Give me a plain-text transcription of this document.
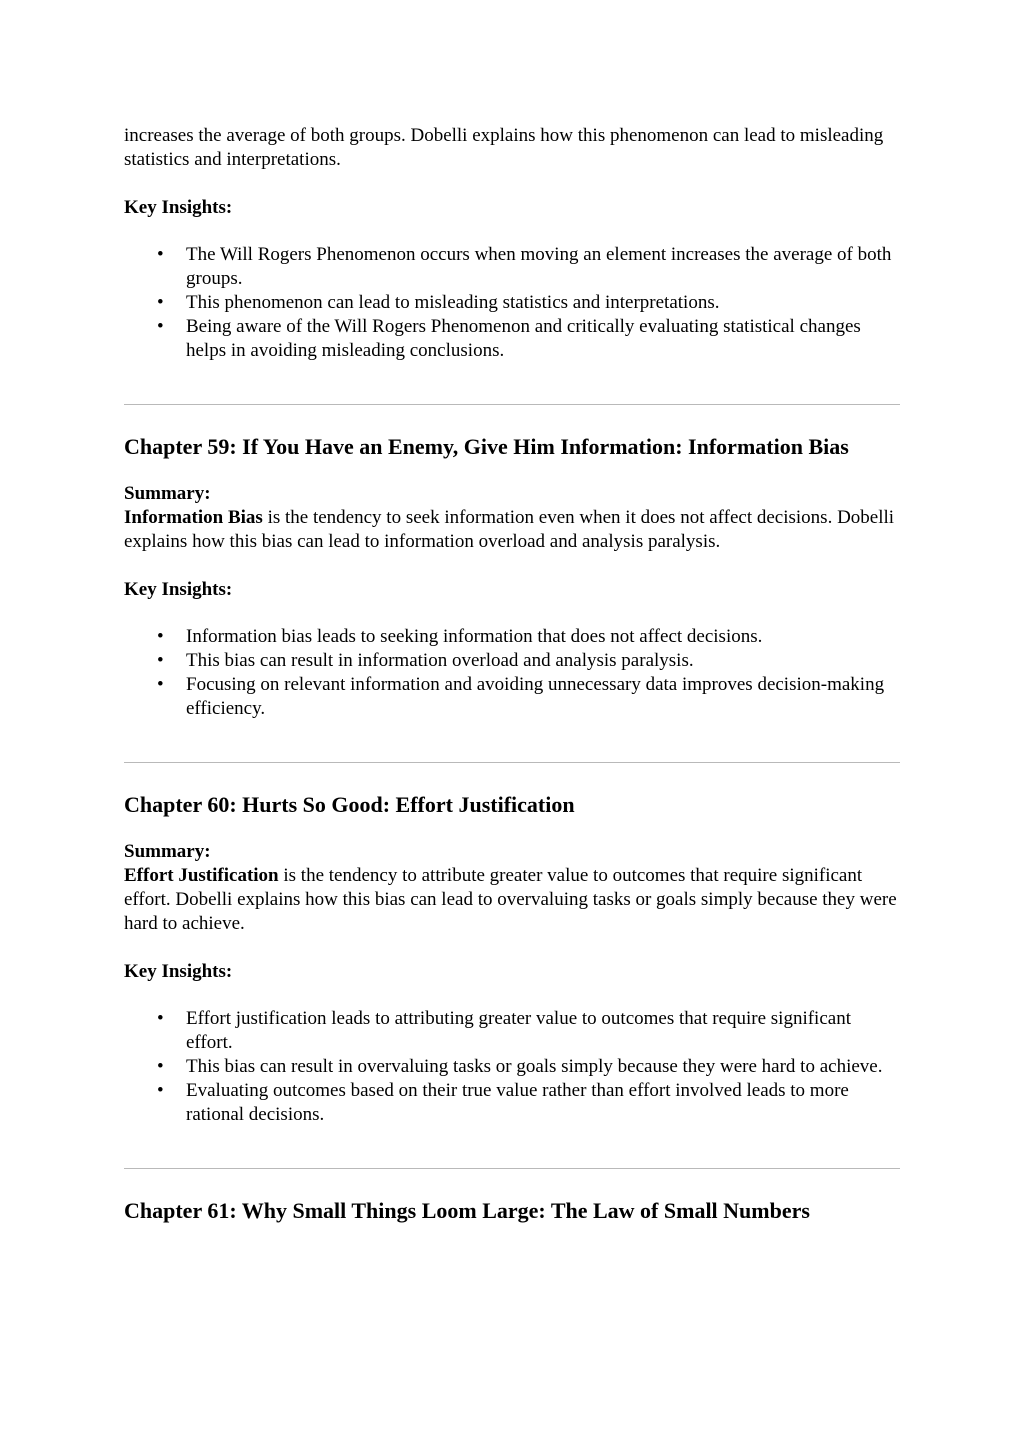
increases the average of both groups. Dobelli explains how this phenomenon can lead to misleading statistics and interpretations.

Key Insights:

• The Will Rogers Phenomenon occurs when moving an element increases the average of both groups.
• This phenomenon can lead to misleading statistics and interpretations.
• Being aware of the Will Rogers Phenomenon and critically evaluating statistical changes helps in avoiding misleading conclusions.
Chapter 59: If You Have an Enemy, Give Him Information: Information Bias

Summary:

Information Bias is the tendency to seek information even when it does not affect decisions. Dobelli explains how this bias can lead to information overload and analysis paralysis.

Key Insights:

• Information bias leads to seeking information that does not affect decisions.
• This bias can result in information overload and analysis paralysis.
• Focusing on relevant information and avoiding unnecessary data improves decision-making efficiency.
Chapter 60: Hurts So Good: Effort Justification

Summary:

Effort Justification is the tendency to attribute greater value to outcomes that require significant effort. Dobelli explains how this bias can lead to overvaluing tasks or goals simply because they were hard to achieve.

Key Insights:

• Effort justification leads to attributing greater value to outcomes that require significant effort.
• This bias can result in overvaluing tasks or goals simply because they were hard to achieve.
• Evaluating outcomes based on their true value rather than effort involved leads to more rational decisions.
Chapter 61: Why Small Things Loom Large: The Law of Small Numbers
